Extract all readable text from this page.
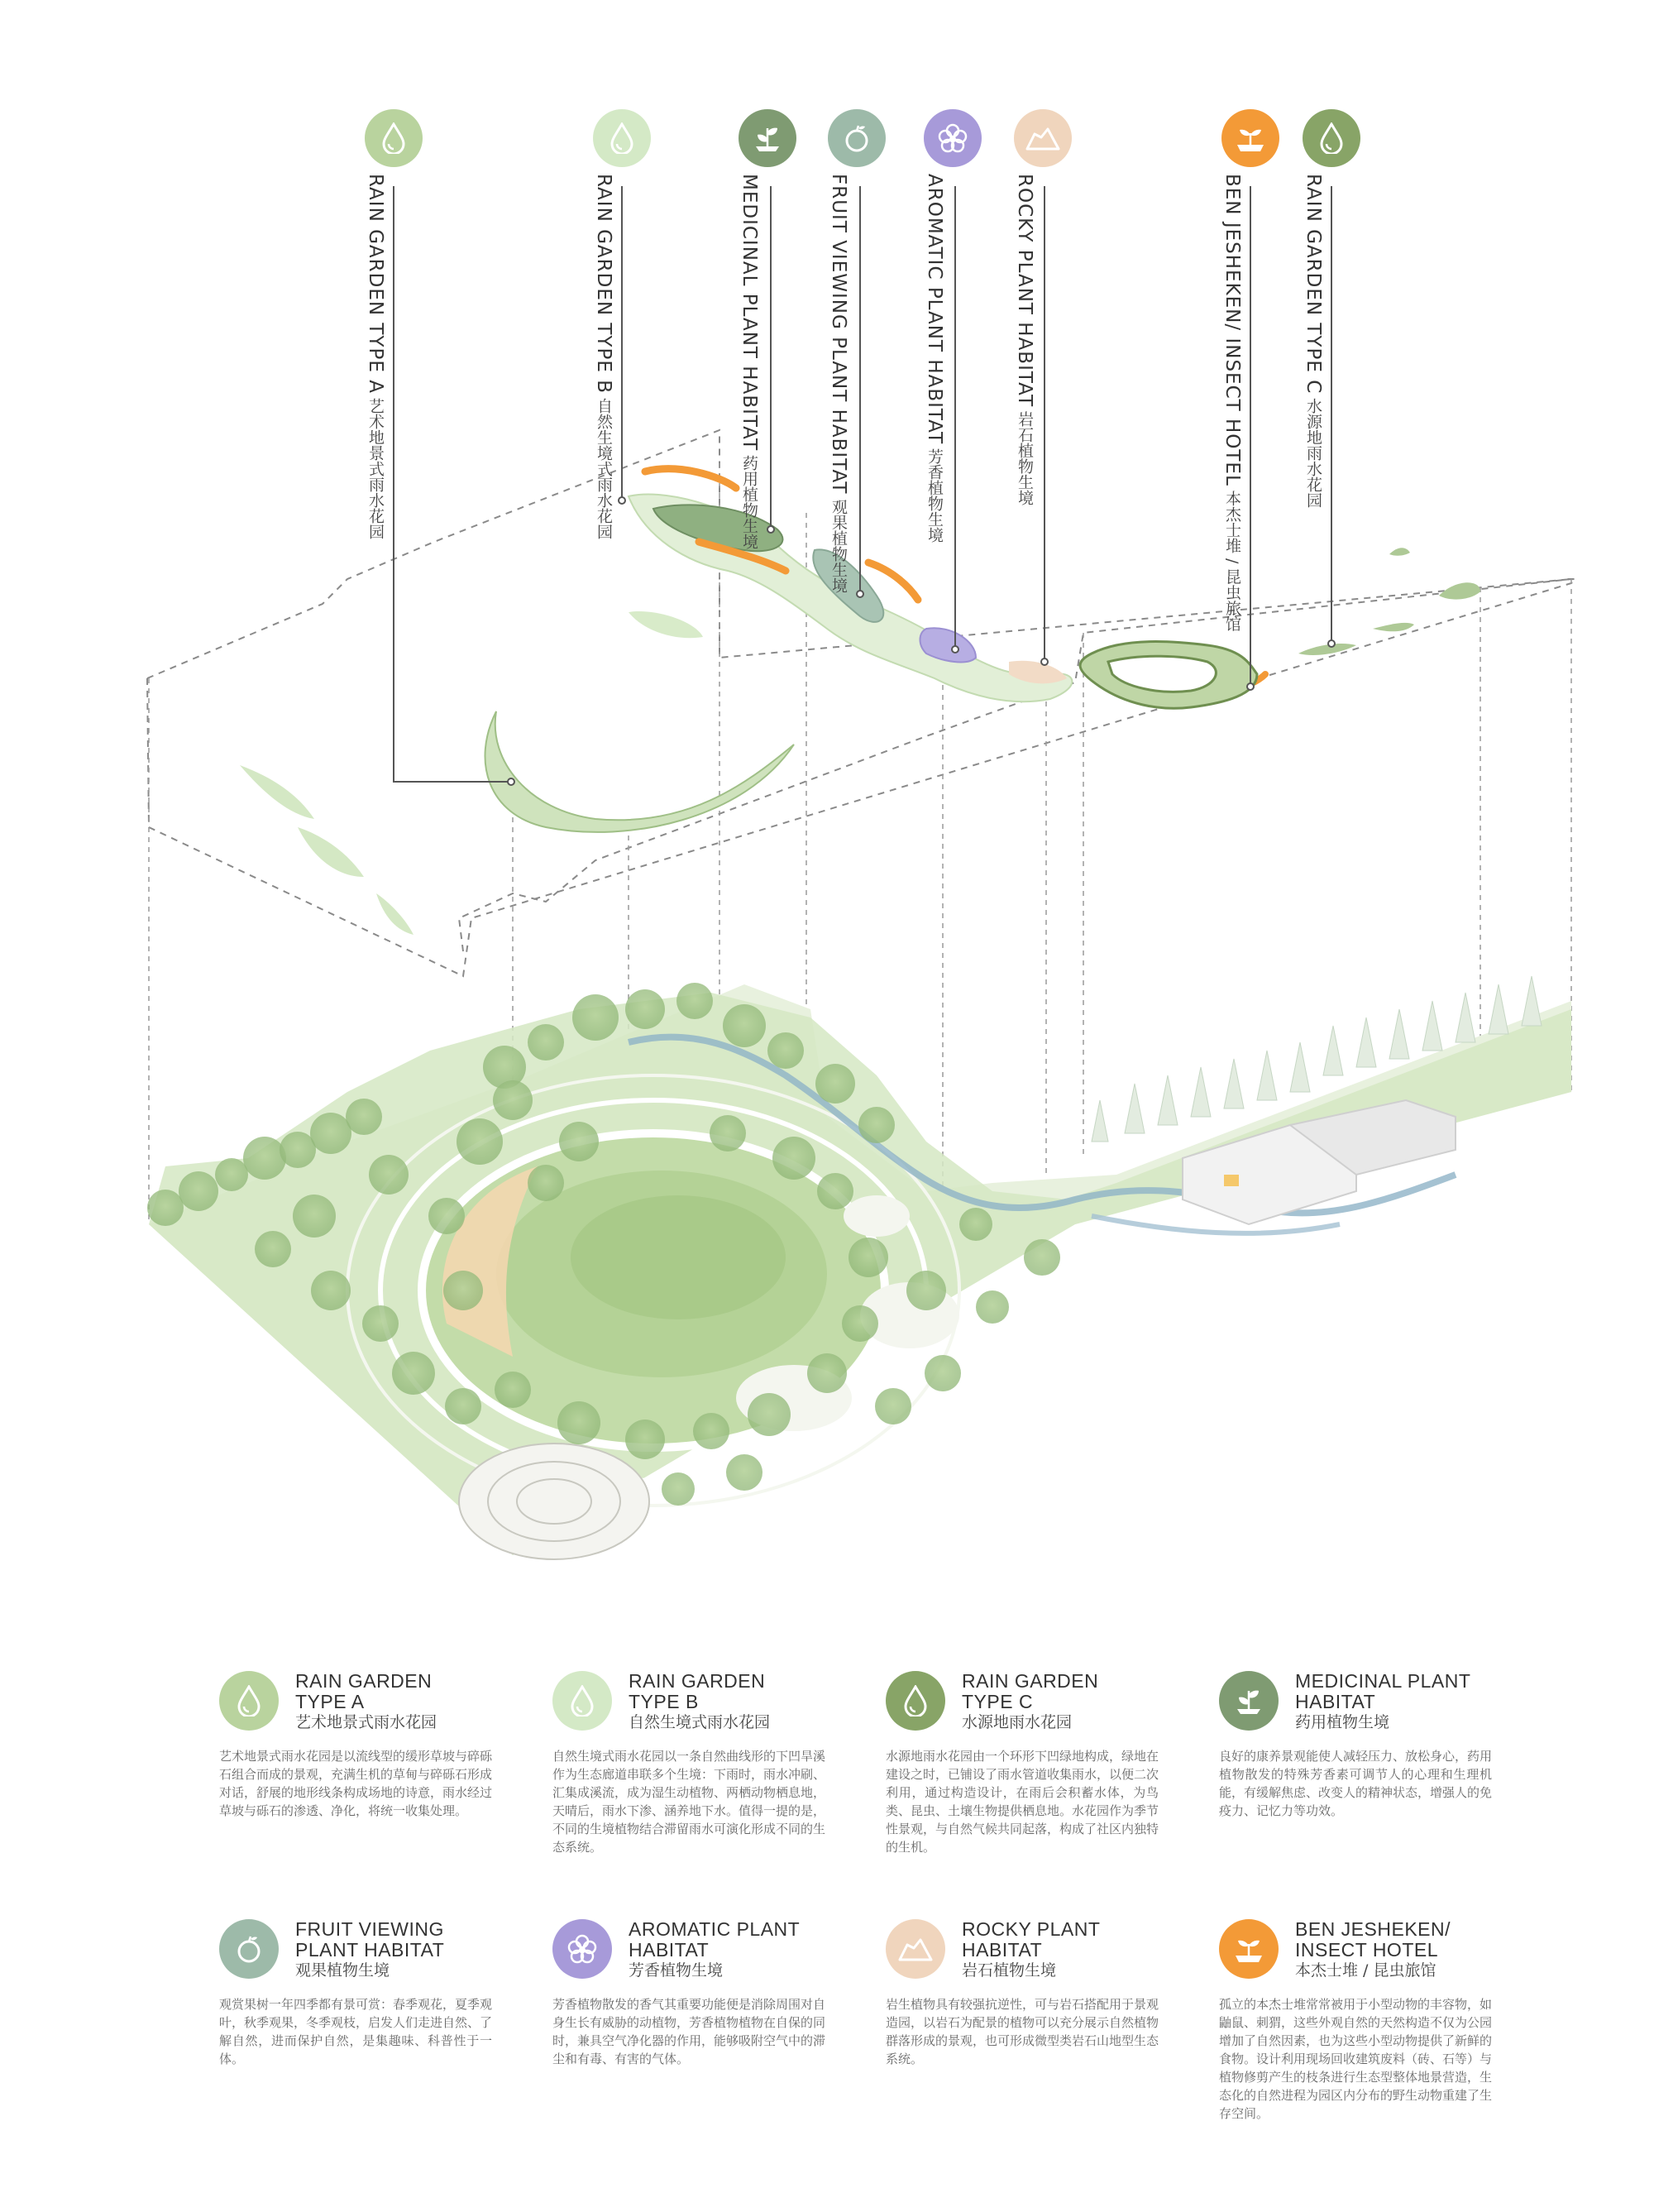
RAIN GARDEN TYPE A 艺术地景式雨水花园
RAIN GARDEN TYPE B 自然生境式雨水花园
MEDICINAL PLANT HABITAT 药用植物生境
FRUIT VIEWING PLANT HABITAT 观果植物生境
AROMATIC PLANT HABITAT 芳香植物生境
ROCKY PLANT HABITAT 岩石植物生境	BEN JESHEKEN/ INSECT HOTEL 本杰士堆 / 昆虫旅馆
RAIN GARDEN TYPE C 水源地雨水花园
RAIN GARDEN
TYPE A
艺术地景式雨水花园
艺术地景式雨水花园是以流线型的缓形草坡与碎砾石组合而成的景观，充满生机的草甸与碎砾石形成对话，舒展的地形线条构成场地的诗意，雨水经过草坡与砾石的渗透、净化，将统一收集处理。
RAIN GARDEN
TYPE B
自然生境式雨水花园
自然生境式雨水花园以一条自然曲线形的下凹旱溪作为生态廊道串联多个生境：下雨时，雨水冲刷、汇集成溪流，成为湿生动植物、两栖动物栖息地，天晴后，雨水下渗、涵养地下水。值得一提的是，不同的生境植物结合滞留雨水可演化形成不同的生态系统。
RAIN GARDEN
TYPE C
水源地雨水花园
水源地雨水花园由一个环形下凹绿地构成，绿地在建设之时，已铺设了雨水管道收集雨水，以便二次利用，通过构造设计，在雨后会积蓄水体，为鸟类、昆虫、土壤生物提供栖息地。水花园作为季节性景观，与自然气候共同起落，构成了社区内独特的生机。
MEDICINAL PLANT
HABITAT
药用植物生境
良好的康养景观能使人减轻压力、放松身心，药用植物散发的特殊芳香素可调节人的心理和生理机能，有缓解焦虑、改变人的精神状态，增强人的免疫力、记忆力等功效。
FRUIT VIEWING
PLANT HABITAT
观果植物生境
观赏果树一年四季都有景可赏：春季观花，夏季观叶，秋季观果，冬季观枝，启发人们走进自然、了解自然，进而保护自然，是集趣味、科普性于一体。
AROMATIC PLANT
HABITAT
芳香植物生境
芳香植物散发的香气其重要功能便是消除周围对自身生长有威胁的动植物，芳香植物植物在自保的同时，兼具空气净化器的作用，能够吸附空气中的滞尘和有毒、有害的气体。
ROCKY PLANT
HABITAT
岩石植物生境
岩生植物具有较强抗逆性，可与岩石搭配用于景观造园，以岩石为配景的植物可以充分展示自然植物群落形成的景观，也可形成微型类岩石山地型生态系统。
BEN JESHEKEN/
INSECT HOTEL
本杰士堆 / 昆虫旅馆
孤立的本杰士堆常常被用于小型动物的丰容物，如鼬鼠、刺猬，这些外观自然的天然构造不仅为公园增加了自然因素，也为这些小型动物提供了新鲜的食物。设计利用现场回收建筑废料（砖、石等）与植物修剪产生的枝条进行生态型整体地景营造，生态化的自然进程为园区内分布的野生动物重建了生存空间。
